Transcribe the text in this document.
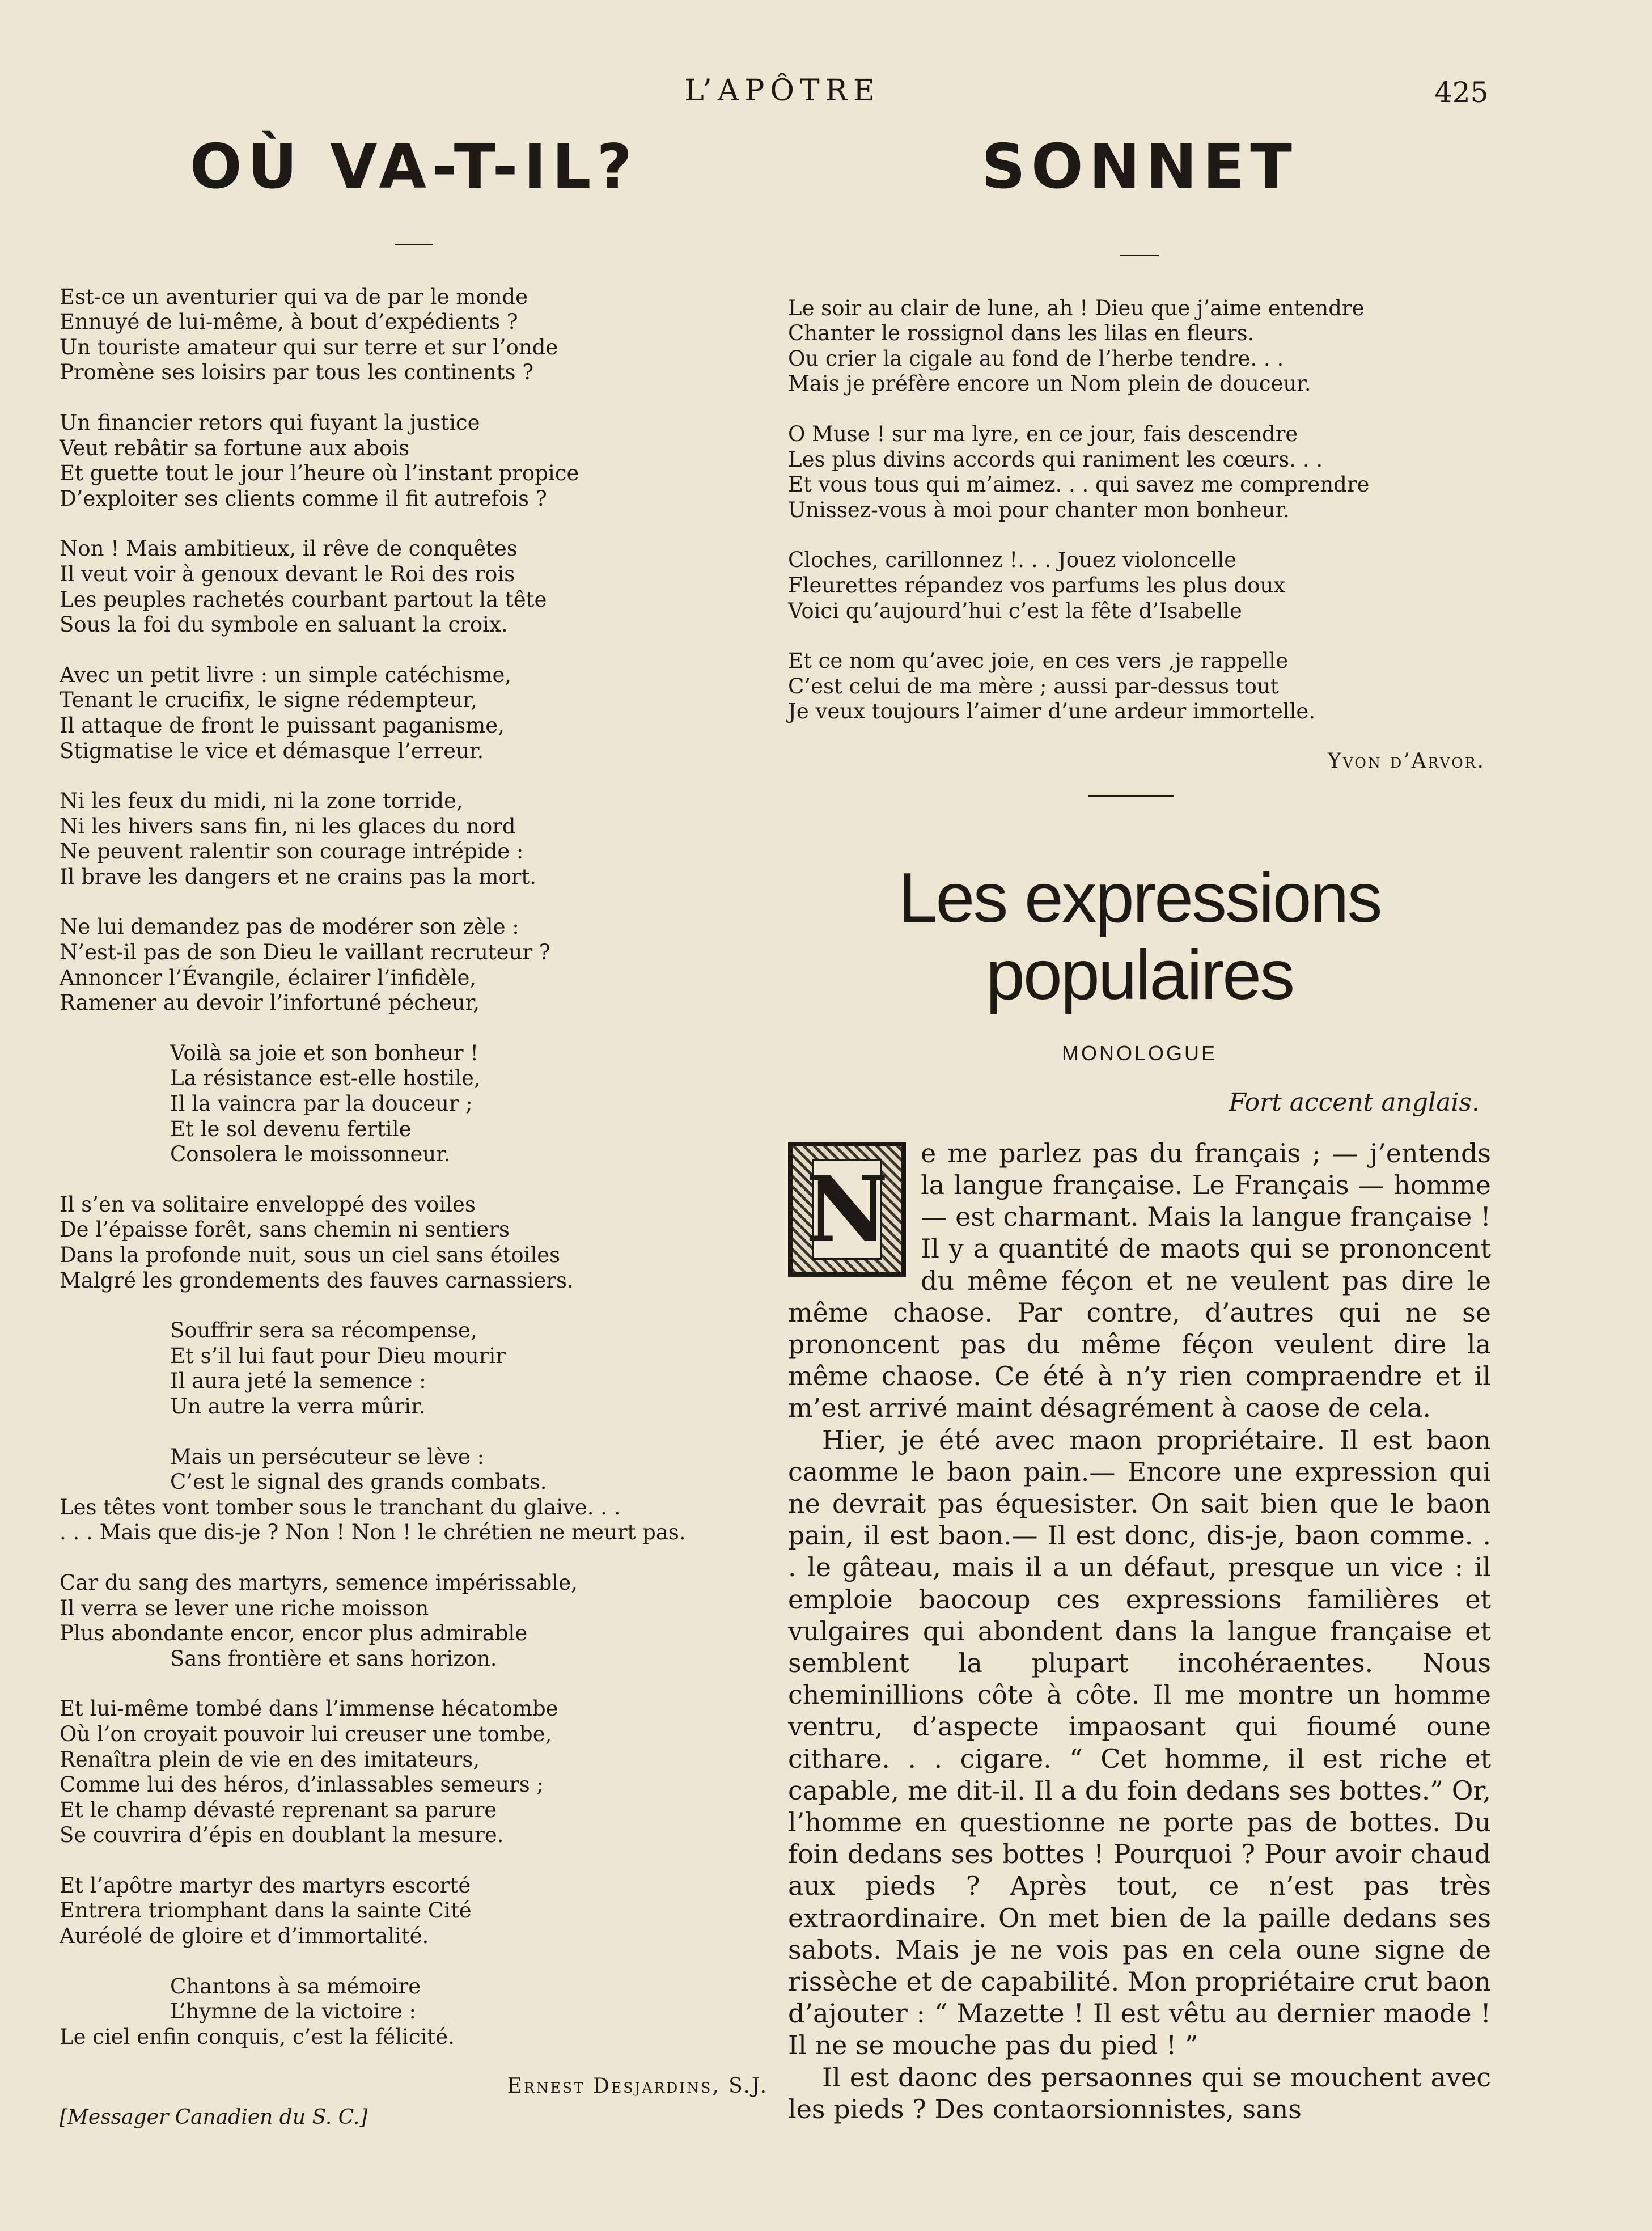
L’APÔTRE	425
OÙ VA-T-IL?
Est-ce un aventurier qui va de par le monde
Ennuyé de lui-même, à bout d’expédients ?
Un touriste amateur qui sur terre et sur l’onde
Promène ses loisirs par tous les continents ?
Un financier retors qui fuyant la justice
Veut rebâtir sa fortune aux abois
Et guette tout le jour l’heure où l’instant propice
D’exploiter ses clients comme il fit autrefois ?
Non ! Mais ambitieux, il rêve de conquêtes
Il veut voir à genoux devant le Roi des rois
Les peuples rachetés courbant partout la tête
Sous la foi du symbole en saluant la croix.
Avec un petit livre : un simple catéchisme,
Tenant le crucifix, le signe rédempteur,
Il attaque de front le puissant paganisme,
Stigmatise le vice et démasque l’erreur.
Ni les feux du midi, ni la zone torride,
Ni les hivers sans fin, ni les glaces du nord
Ne peuvent ralentir son courage intrépide :
Il brave les dangers et ne crains pas la mort.
Ne lui demandez pas de modérer son zèle :
N’est-il pas de son Dieu le vaillant recruteur ?
Annoncer l’Évangile, éclairer l’infidèle,
Ramener au devoir l’infortuné pécheur,
Voilà sa joie et son bonheur !
La résistance est-elle hostile,
Il la vaincra par la douceur ;
Et le sol devenu fertile
Consolera le moissonneur.
Il s’en va solitaire enveloppé des voiles
De l’épaisse forêt, sans chemin ni sentiers
Dans la profonde nuit, sous un ciel sans étoiles
Malgré les grondements des fauves carnassiers.
Souffrir sera sa récompense,
Et s’il lui faut pour Dieu mourir
Il aura jeté la semence :
Un autre la verra mûrir.
Mais un persécuteur se lève :
C’est le signal des grands combats.
Les têtes vont tomber sous le tranchant du glaive. . .
. . . Mais que dis-je ? Non ! Non ! le chrétien ne meurt pas.
Car du sang des martyrs, semence impérissable,
Il verra se lever une riche moisson
Plus abondante encor, encor plus admirable
Sans frontière et sans horizon.
Et lui-même tombé dans l’immense hécatombe
Où l’on croyait pouvoir lui creuser une tombe,
Renaîtra plein de vie en des imitateurs,
Comme lui des héros, d’inlassables semeurs ;
Et le champ dévasté reprenant sa parure
Se couvrira d’épis en doublant la mesure.
Et l’apôtre martyr des martyrs escorté
Entrera triomphant dans la sainte Cité
Auréolé de gloire et d’immortalité.
Chantons à sa mémoire
L’hymne de la victoire :
Le ciel enfin conquis, c’est la félicité.
Ernest Desjardins, S.J.
[Messager Canadien du S. C.]
SONNET
Le soir au clair de lune, ah ! Dieu que j’aime entendre
Chanter le rossignol dans les lilas en fleurs.
Ou crier la cigale au fond de l’herbe tendre. . .
Mais je préfère encore un Nom plein de douceur.
O Muse ! sur ma lyre, en ce jour, fais descendre
Les plus divins accords qui raniment les cœurs. . .
Et vous tous qui m’aimez. . . qui savez me comprendre
Unissez-vous à moi pour chanter mon bonheur.
Cloches, carillonnez !. . . Jouez violoncelle
Fleurettes répandez vos parfums les plus doux
Voici qu’aujourd’hui c’est la fête d’Isabelle
Et ce nom qu’avec joie, en ces vers ,je rappelle
C’est celui de ma mère ; aussi par-dessus tout
Je veux toujours l’aimer d’une ardeur immortelle.
Yvon d’Arvor.
Les expressions populaires
MONOLOGUE
Fort accent anglais.

N
e me parlez pas du français ; — j’entends la langue française. Le Français — homme — est charmant. Mais la langue française ! Il y a quantité de maots qui se prononcent du même féçon et ne veulent pas dire le même chaose. Par contre, d’autres qui ne se prononcent pas du même féçon veulent dire la même chaose. Ce été à n’y rien compraendre et il m’est arrivé maint désagrément à caose de cela.

Hier, je été avec maon propriétaire. Il est baon caomme le baon pain.— Encore une expression qui ne devrait pas équesister. On sait bien que le baon pain, il est baon.— Il est donc, dis-je, baon comme. . . le gâteau, mais il a un défaut, presque un vice : il emploie baocoup ces expressions familières et vulgaires qui abondent dans la langue française et semblent la plupart incohéraentes. Nous cheminillions côte à côte. Il me montre un homme ventru, d’aspecte impaosant qui fioumé oune cithare. . . cigare. “ Cet homme, il est riche et capable, me dit-il. Il a du foin dedans ses bottes.” Or, l’homme en questionne ne porte pas de bottes. Du foin dedans ses bottes ! Pourquoi ? Pour avoir chaud aux pieds ? Après tout, ce n’est pas très extraordinaire. On met bien de la paille dedans ses sabots. Mais je ne vois pas en cela oune signe de rissèche et de capabilité. Mon propriétaire crut baon d’ajouter : “ Mazette ! Il est vêtu au dernier maode ! Il ne se mouche pas du pied ! ”

Il est daonc des persaonnes qui se mouchent avec les pieds ? Des contaorsionnistes, sans
